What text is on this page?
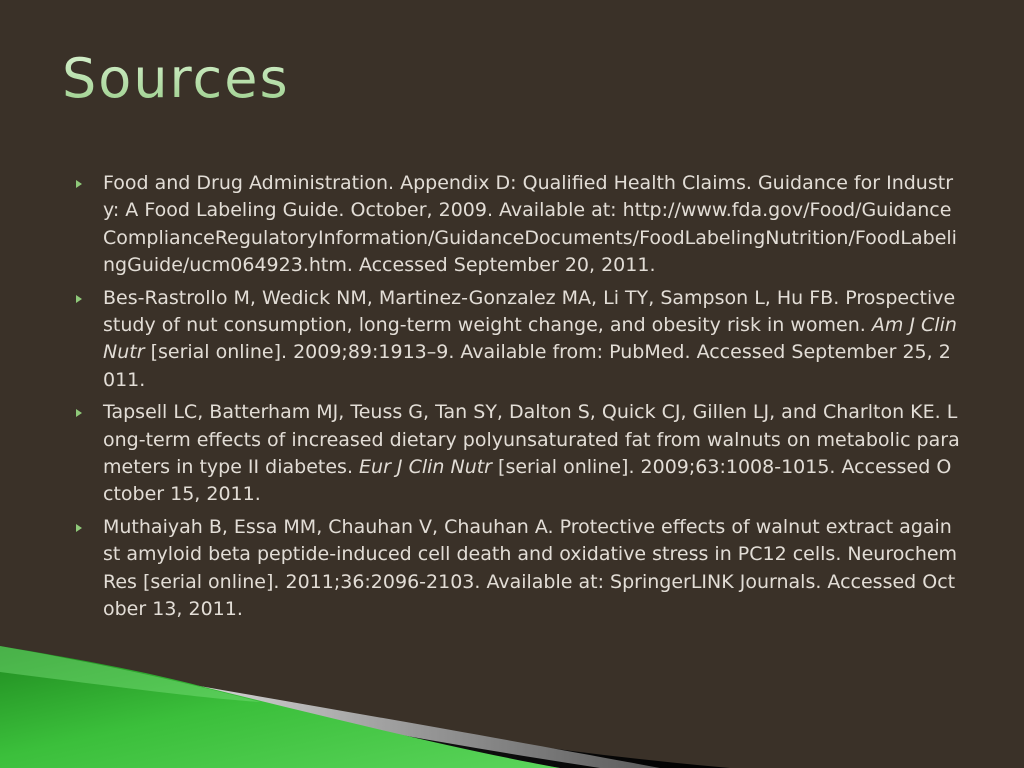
Sources
Food and Drug Administration. Appendix D: Qualified Health Claims. Guidance for Industry: A Food Labeling Guide. October, 2009. Available at: http://www.fda.gov/Food/GuidanceComplianceRegulatoryInformation/GuidanceDocuments/FoodLabelingNutrition/FoodLabelingGuide/ucm064923.htm. Accessed September 20, 2011.
Bes-Rastrollo M, Wedick NM, Martinez-Gonzalez MA, Li TY, Sampson L, Hu FB. Prospective study of nut consumption, long-term weight change, and obesity risk in women. Am J Clin Nutr [serial online]. 2009;89:1913–9. Available from: PubMed. Accessed September 25, 2011.
Tapsell LC, Batterham MJ, Teuss G, Tan SY, Dalton S, Quick CJ, Gillen LJ, and Charlton KE. Long-term effects of increased dietary polyunsaturated fat from walnuts on metabolic parameters in type II diabetes. Eur J Clin Nutr [serial online]. 2009;63:1008-1015. Accessed October 15, 2011.
Muthaiyah B, Essa MM, Chauhan V, Chauhan A. Protective effects of walnut extract against amyloid beta peptide-induced cell death and oxidative stress in PC12 cells. Neurochem Res [serial online]. 2011;36:2096-2103. Available at: SpringerLINK Journals. Accessed October 13, 2011.
